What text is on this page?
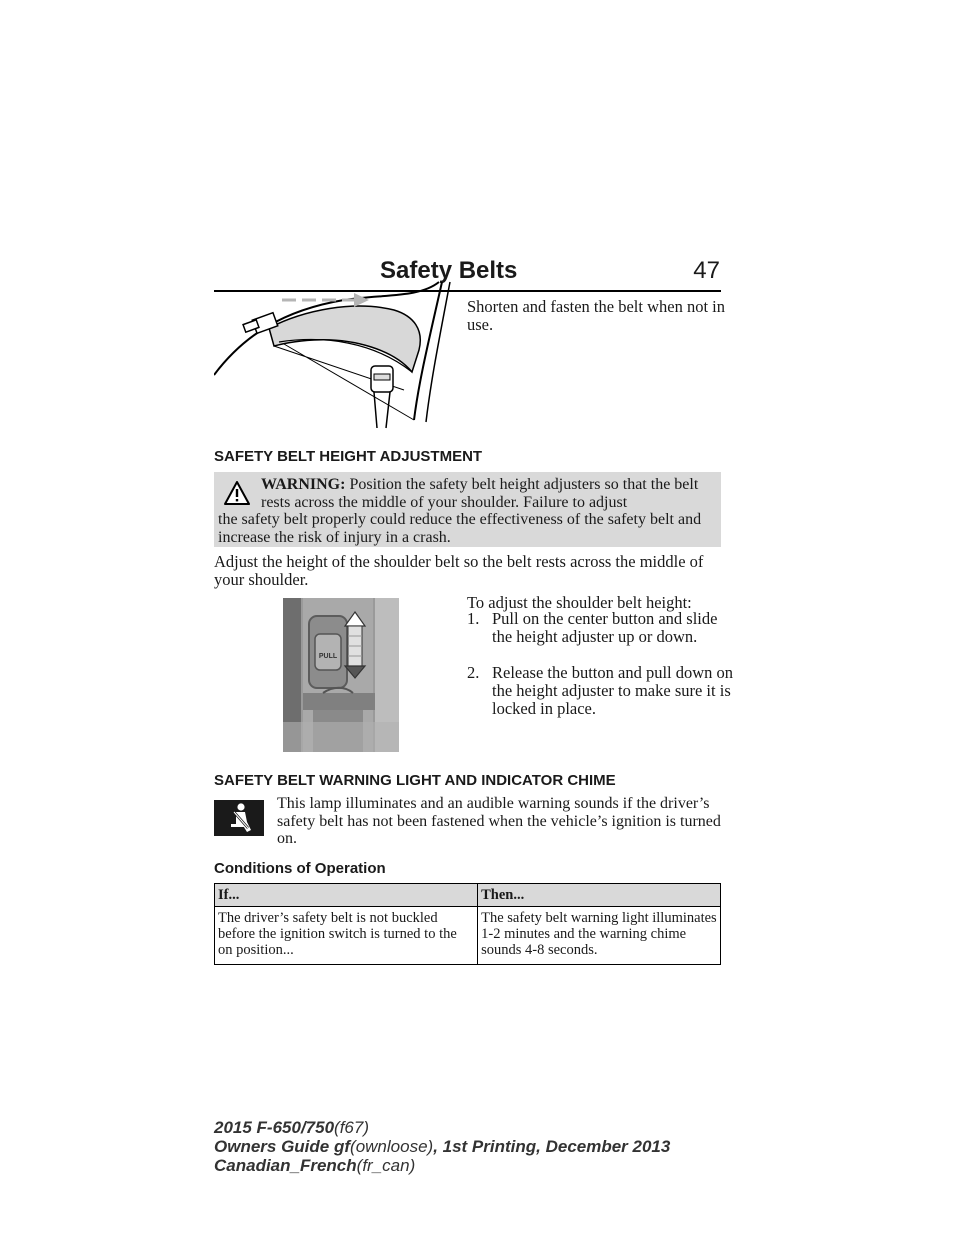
Safety Belts	47
Shorten and fasten the belt when not in use.
SAFETY BELT HEIGHT ADJUSTMENT
WARNING: Position the safety belt height adjusters so that the belt rests across the middle of your shoulder. Failure to adjust
the safety belt properly could reduce the effectiveness of the safety belt and increase the risk of injury in a crash.
Adjust the height of the shoulder belt so the belt rests across the middle of your shoulder.
PULL
To adjust the shoulder belt height:
1. Pull on the center button and slide the height adjuster up or down.
2. Release the button and pull down on the height adjuster to make sure it is locked in place.
SAFETY BELT WARNING LIGHT AND INDICATOR CHIME
This lamp illuminates and an audible warning sounds if the driver’s safety belt has not been fastened when the vehicle’s ignition is turned on.
Conditions of Operation
If...	Then...
The driver’s safety belt is not buckled before the ignition switch is turned to the on position...	The safety belt warning light illuminates 1-2 minutes and the warning chime sounds 4-8 seconds.
2015 F-650/750(f67)
Owners Guide gf(ownloose), 1st Printing, December 2013
Canadian_French(fr_can)
